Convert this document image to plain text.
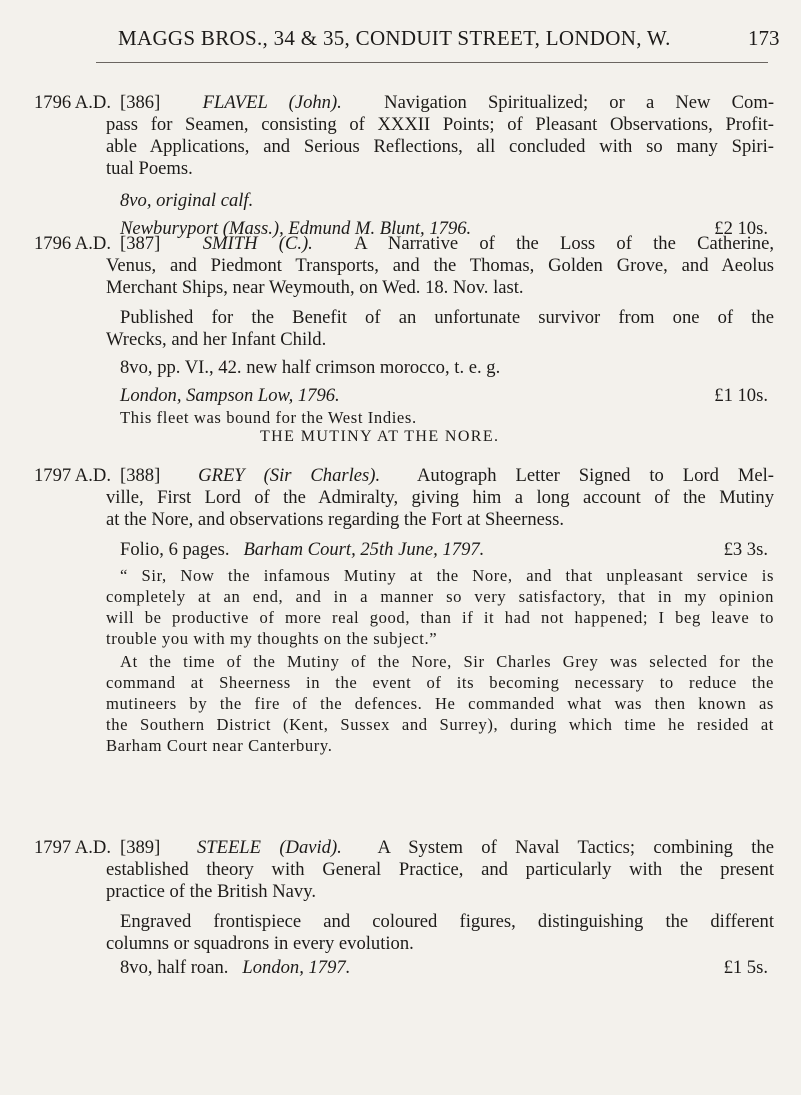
MAGGS BROS., 34 & 35, CONDUIT STREET, LONDON, W.	173
1796 A.D. [386] FLAVEL (John). Navigation Spiritualized; or a New Com-
pass for Seamen, consisting of XXXII Points; of Pleasant Observations, Profit-
able Applications, and Serious Reflections, all concluded with so many Spiri-
tual Poems.
8vo, original calf.
Newburyport (Mass.), Edmund M. Blunt, 1796.	£2 10s.
1796 A.D. [387] SMITH (C.). A Narrative of the Loss of the Catherine,
Venus, and Piedmont Transports, and the Thomas, Golden Grove, and Aeolus
Merchant Ships, near Weymouth, on Wed. 18. Nov. last.
Published for the Benefit of an unfortunate survivor from one of the
Wrecks, and her Infant Child.
8vo, pp. VI., 42. new half crimson morocco, t. e. g.
London, Sampson Low, 1796.	£1 10s.
This fleet was bound for the West Indies.
THE MUTINY AT THE NORE.
1797 A.D. [388] GREY (Sir Charles). Autograph Letter Signed to Lord Mel-
ville, First Lord of the Admiralty, giving him a long account of the Mutiny
at the Nore, and observations regarding the Fort at Sheerness.
Folio, 6 pages. Barham Court, 25th June, 1797.	£3 3s.
“ Sir, Now the infamous Mutiny at the Nore, and that unpleasant service is
completely at an end, and in a manner so very satisfactory, that in my opinion
will be productive of more real good, than if it had not happened; I beg leave to
trouble you with my thoughts on the subject.”
At the time of the Mutiny of the Nore, Sir Charles Grey was selected for the
command at Sheerness in the event of its becoming necessary to reduce the
mutineers by the fire of the defences. He commanded what was then known as
the Southern District (Kent, Sussex and Surrey), during which time he resided at
Barham Court near Canterbury.
1797 A.D. [389] STEELE (David). A System of Naval Tactics; combining the
established theory with General Practice, and particularly with the present
practice of the British Navy.
Engraved frontispiece and coloured figures, distinguishing the different
columns or squadrons in every evolution.
8vo, half roan. London, 1797.	£1 5s.
